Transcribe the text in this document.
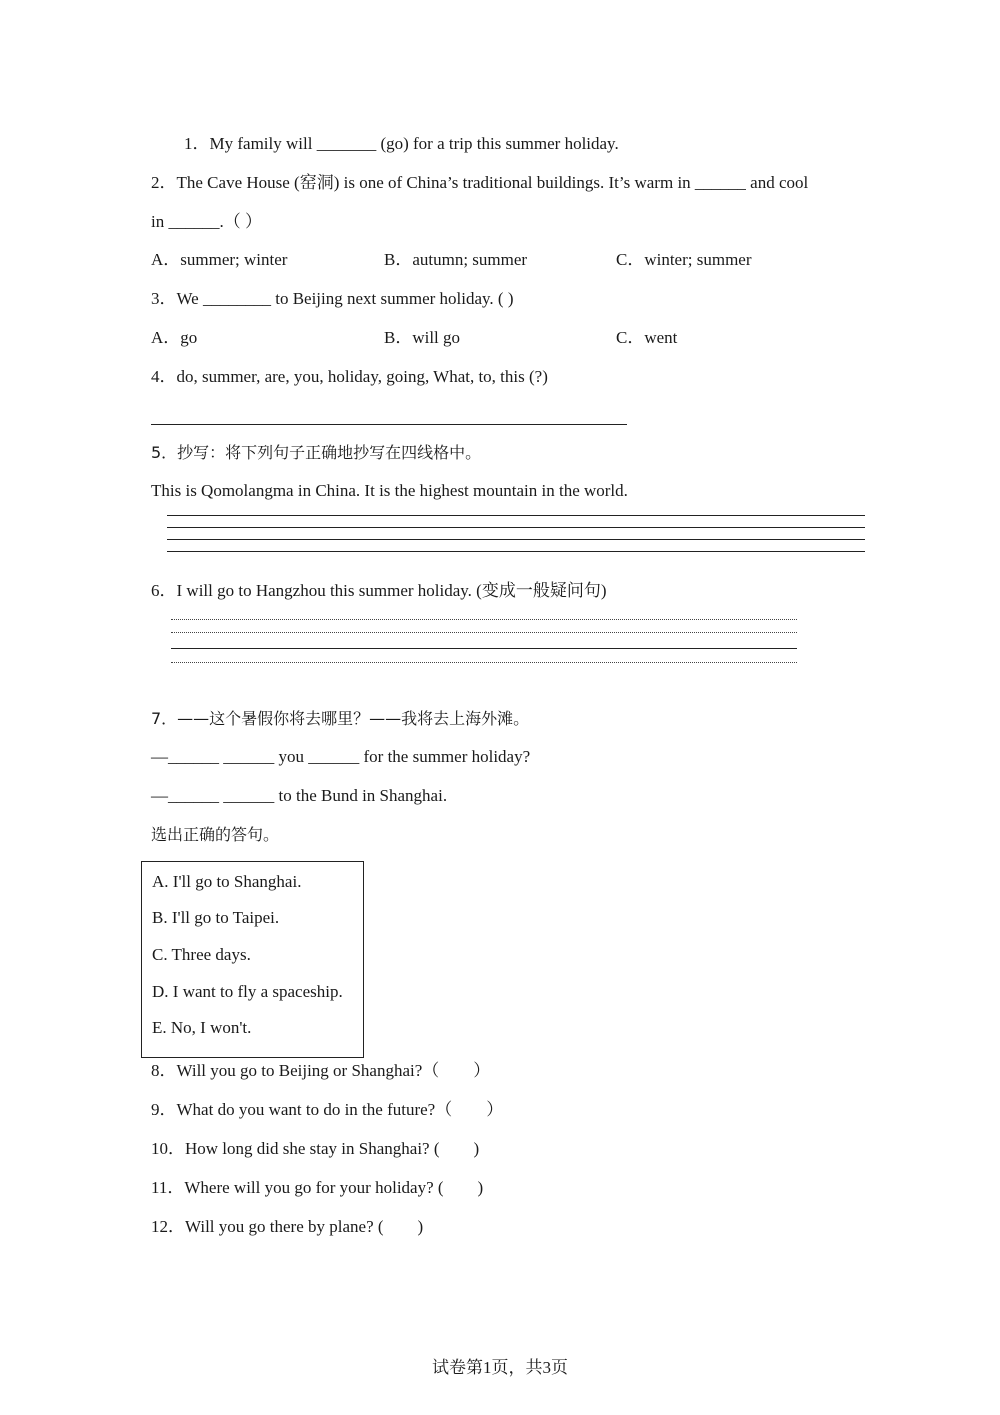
1．My family will _______ (go) for a trip this summer holiday.
2．The Cave House (窑洞) is one of China’s traditional buildings. It’s warm in ______ and cool
in ______.（ ）
A．summer; winter	B．autumn; summer	C．winter; summer
3．We ________ to Beijing next summer holiday. ( )
A．go	B．will go	C．went
4．do, summer, are, you, holiday, going, What, to, this (?)
5．抄写：将下列句子正确地抄写在四线格中。
This is Qomolangma in China. It is the highest mountain in the world.
6．I will go to Hangzhou this summer holiday. (变成一般疑问句)
7．——这个暑假你将去哪里？——我将去上海外滩。
—______ ______ you ______ for the summer holiday?
—______ ______ to the Bund in Shanghai.
选出正确的答句。
A. I'll go to Shanghai.
B. I'll go to Taipei.
C. Three days.
D. I want to fly a spaceship.
E. No, I won't.
8．Will you go to Beijing or Shanghai?（　　）
9．What do you want to do in the future?（　　）
10．How long did she stay in Shanghai? (　　)
11．Where will you go for your holiday? (　　)
12．Will you go there by plane? (　　)
试卷第1页，共3页
